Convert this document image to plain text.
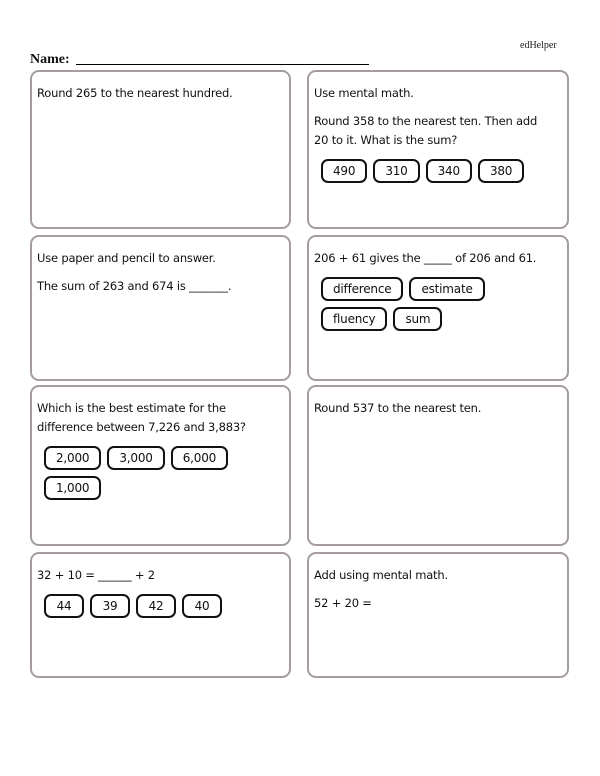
edHelper
Name:

Round 265 to the nearest hundred.	Use mental math.

Round 358 to the nearest ten. Then add 20 to it. What is the sum?

490	310	340	380

Use paper and pencil to answer.

The sum of 263 and 674 is _______.

206 + 61 gives the _____ of 206 and 61.

difference	estimate
fluency	sum

Which is the best estimate for the difference between 7,226 and 3,883?

2,000	3,000	6,000
1,000

Round 537 to the nearest ten.

32 + 10 = ______ + 2

44	39	42	40

Add using mental math.

52 + 20 =
